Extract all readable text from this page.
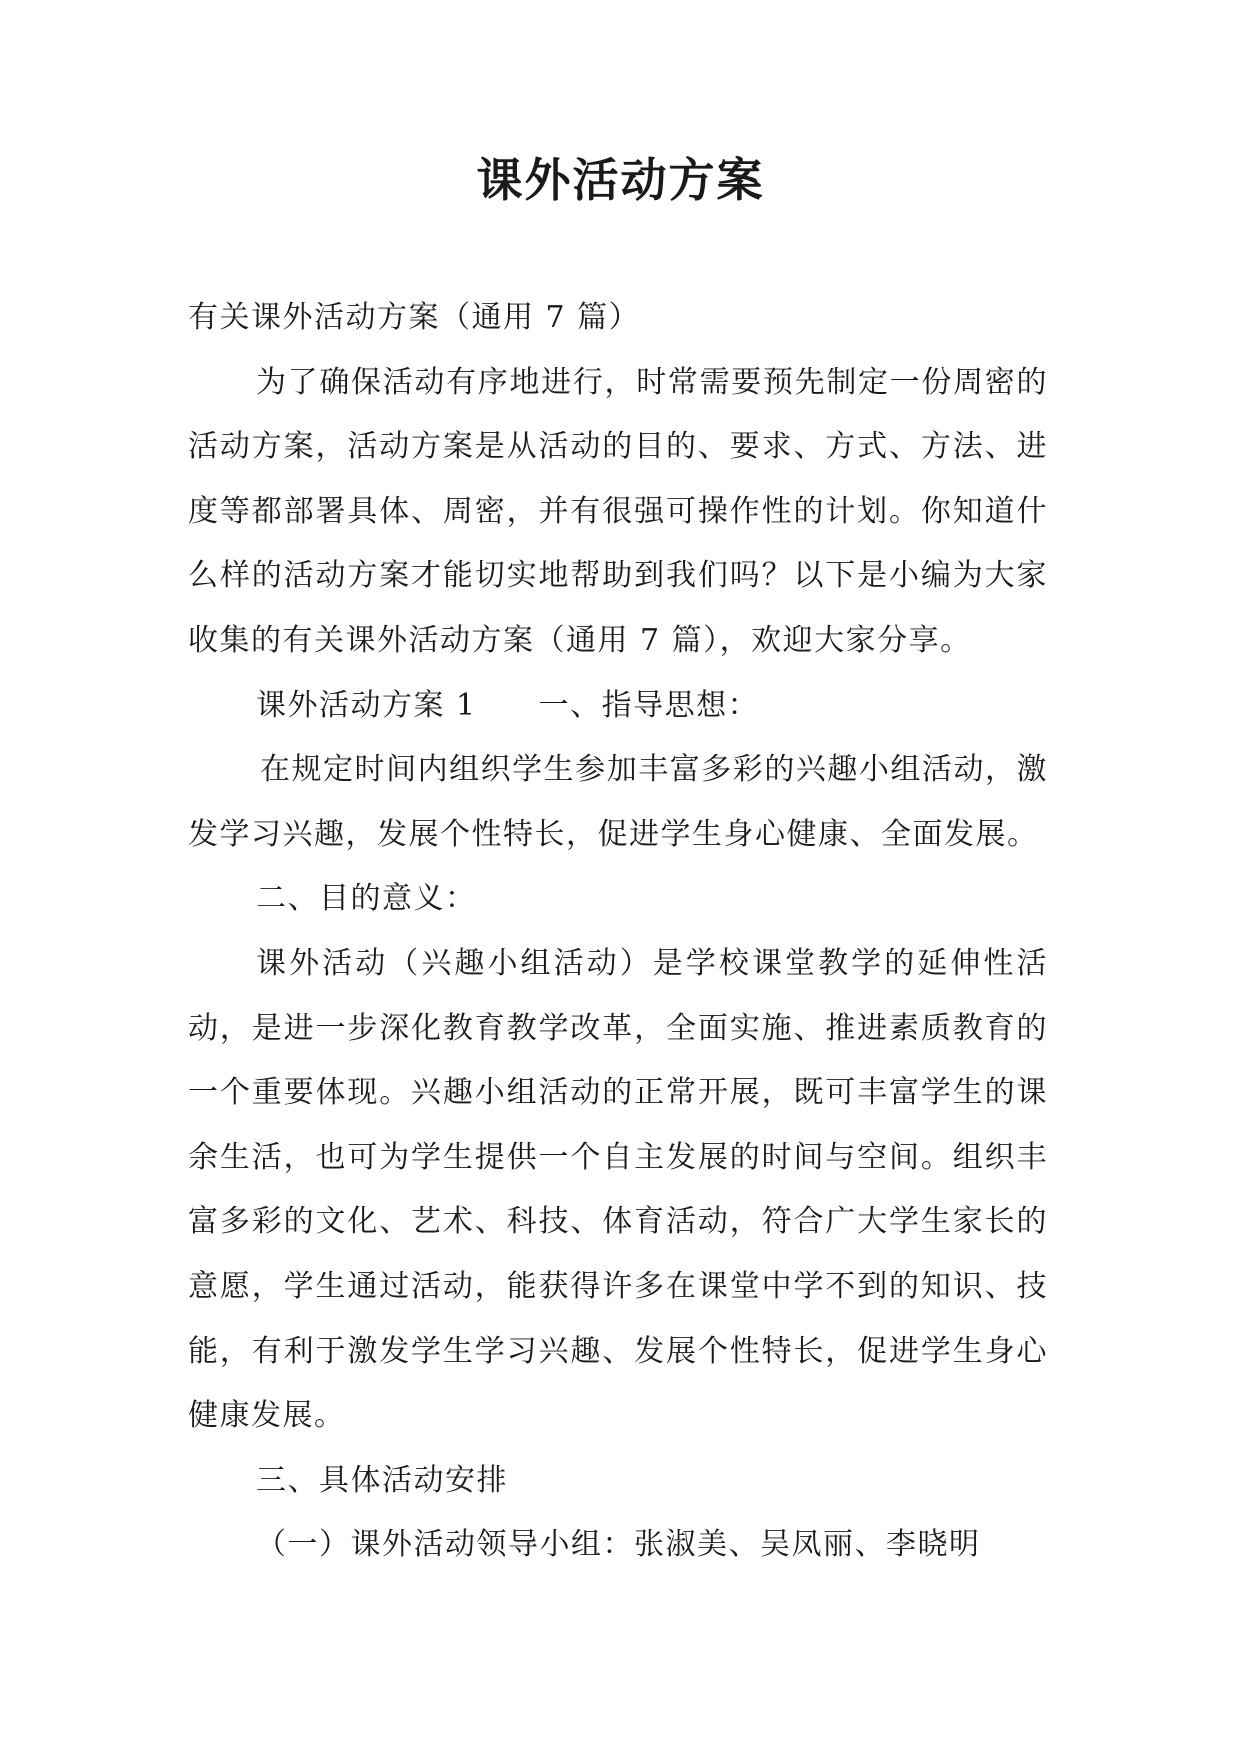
课外活动方案

有关课外活动方案（通用 7 篇）

为了确保活动有序地进行，时常需要预先制定一份周密的活动方案，活动方案是从活动的目的、要求、方式、方法、进度等都部署具体、周密，并有很强可操作性的计划。你知道什么样的活动方案才能切实地帮助到我们吗？以下是小编为大家收集的有关课外活动方案（通用 7 篇），欢迎大家分享。

课外活动方案 1 一、指导思想：

在规定时间内组织学生参加丰富多彩的兴趣小组活动，激发学习兴趣，发展个性特长，促进学生身心健康、全面发展。

二、目的意义：

课外活动（兴趣小组活动）是学校课堂教学的延伸性活动，是进一步深化教育教学改革，全面实施、推进素质教育的一个重要体现。兴趣小组活动的正常开展，既可丰富学生的课余生活，也可为学生提供一个自主发展的时间与空间。组织丰富多彩的文化、艺术、科技、体育活动，符合广大学生家长的意愿，学生通过活动，能获得许多在课堂中学不到的知识、技能，有利于激发学生学习兴趣、发展个性特长，促进学生身心健康发展。

三、具体活动安排

（一）课外活动领导小组：张淑美、吴凤丽、李晓明
